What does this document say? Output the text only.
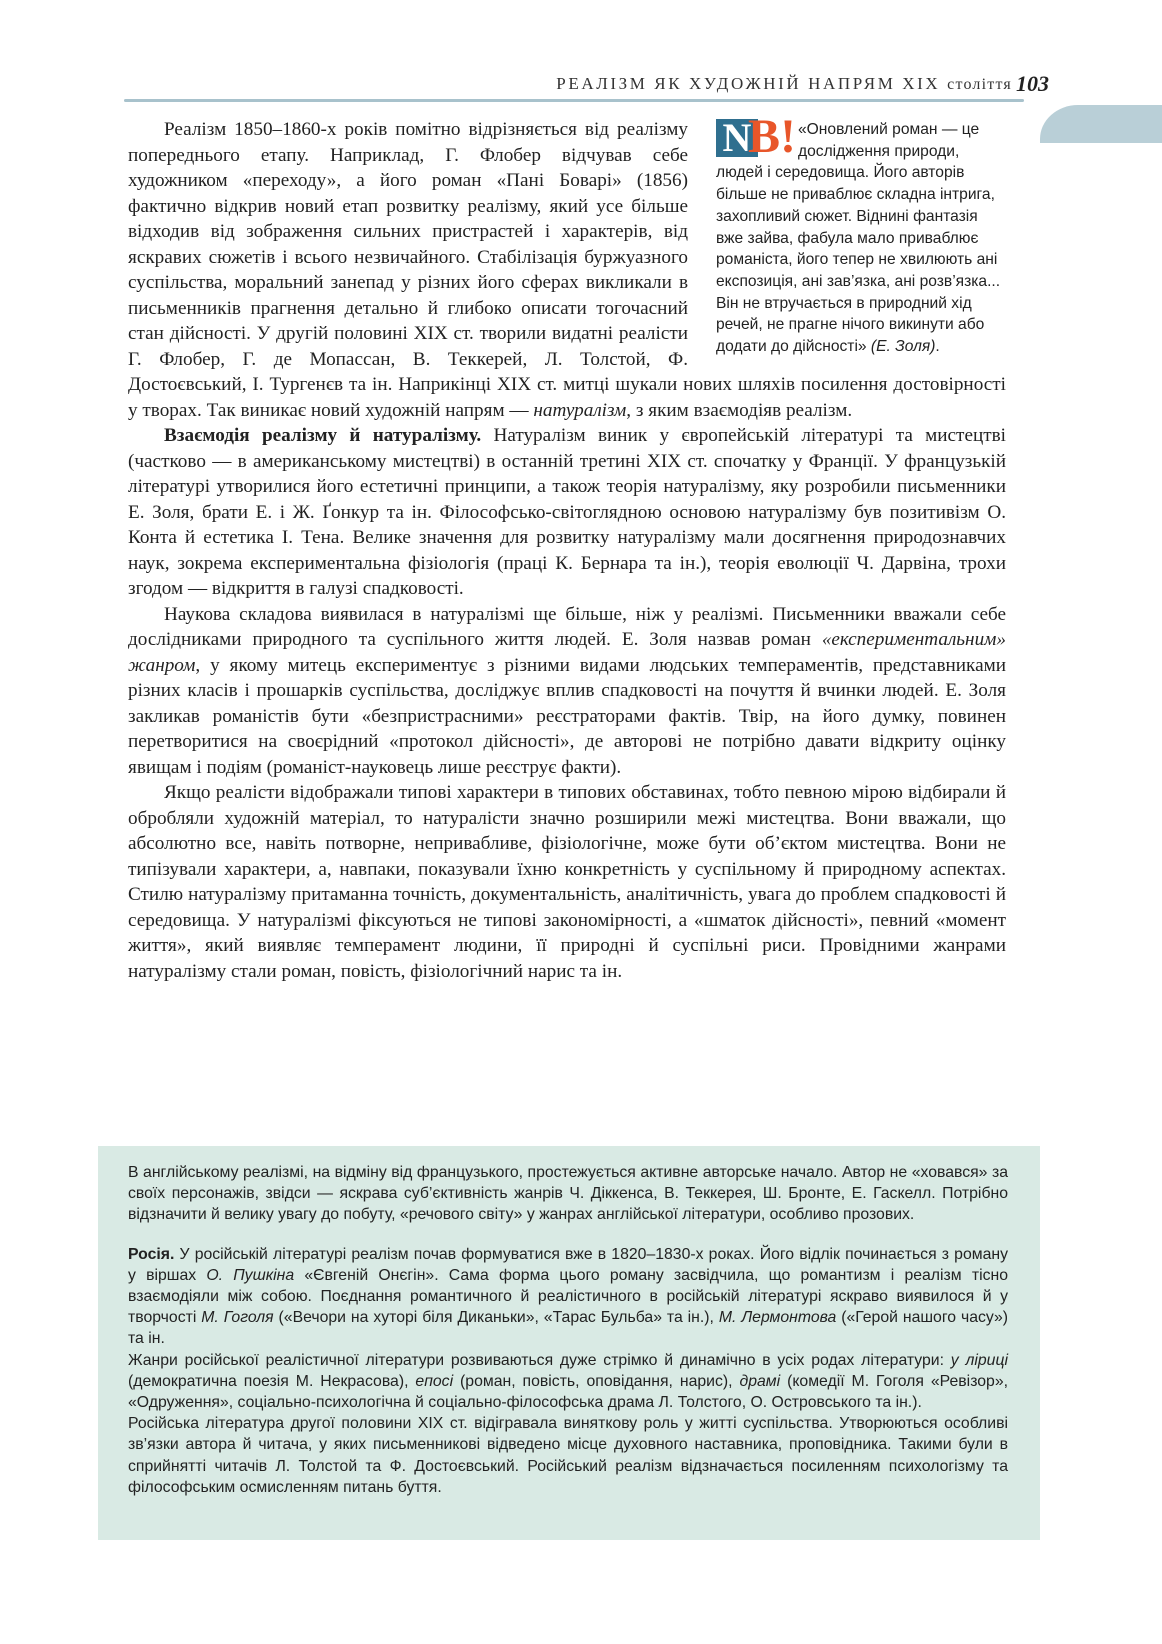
РЕАЛІЗМ ЯК ХУДОЖНІЙ НАПРЯМ XIX століття 103
N
B! «Оновлений роман — це дослідження природи, людей і середовища. Його авторів більше не приваблює складна інтрига, захопливий сюжет. Віднині фантазія вже зайва, фабула мало приваблює романіста, його тепер не хвилюють ані експозиція, ані зав’язка, ані розв’язка... Він не втручається в природний хід речей, не прагне нічого викинути або додати до дійсності» (Е. Золя).

Реалізм 1850–1860-х років помітно відрізняється від реалізму попереднього етапу. Наприклад, Г. Флобер відчував себе художником «переходу», а його роман «Пані Боварі» (1856) фактично відкрив новий етап розвитку реалізму, який усе більше відходив від зображення сильних пристрастей і характерів, від яскравих сюжетів і всього незвичайного. Стабілізація буржуазного суспільства, моральний занепад у різних його сферах викликали в письменників прагнення детально й глибоко описати тогочасний стан дійсності. У другій половині XIX ст. творили видатні реалісти Г. Флобер, Г. де Мопассан, В. Теккерей, Л. Толстой, Ф. Достоєвський, І. Тургенєв та ін. Наприкінці XIX ст. митці шукали нових шляхів посилення достовірності у творах. Так виникає новий художній напрям — натуралізм, з яким взаємодіяв реалізм.

Взаємодія реалізму й натуралізму. Натуралізм виник у європейській літературі та мистецтві (частково — в американському мистецтві) в останній третині XIX ст. спочатку у Франції. У французькій літературі утворилися його естетичні принципи, а також теорія натуралізму, яку розробили письменники Е. Золя, брати Е. і Ж. Ґонкур та ін. Філософсько-світоглядною основою натуралізму був позитивізм О. Конта й естетика І. Тена. Велике значення для розвитку натуралізму мали досягнення природознавчих наук, зокрема експериментальна фізіологія (праці К. Бернара та ін.), теорія еволюції Ч. Дарвіна, трохи згодом — відкриття в галузі спадковості.

Наукова складова виявилася в натуралізмі ще більше, ніж у реалізмі. Письменники вважали себе дослідниками природного та суспільного життя людей. Е. Золя назвав роман «експериментальним» жанром, у якому митець експериментує з різними видами людських темпераментів, представниками різних класів і прошарків суспільства, досліджує вплив спадковості на почуття й вчинки людей. Е. Золя закликав романістів бути «безпристрасними» реєстраторами фактів. Твір, на його думку, повинен перетворитися на своєрідний «протокол дійсності», де авторові не потрібно давати відкриту оцінку явищам і подіям (романіст-науковець лише реєструє факти).

Якщо реалісти відображали типові характери в типових обставинах, тобто певною мірою відбирали й обробляли художній матеріал, то натуралісти значно розширили межі мистецтва. Вони вважали, що абсолютно все, навіть потворне, непривабливе, фізіологічне, може бути об’єктом мистецтва. Вони не типізували характери, а, навпаки, показували їхню конкретність у суспільному й природному аспектах. Стилю натуралізму притаманна точність, документальність, аналітичність, увага до проблем спадковості й середовища. У натуралізмі фіксуються не типові закономірності, а «шматок дійсності», певний «момент життя», який виявляє темперамент людини, її природні й суспільні риси. Провідними жанрами натуралізму стали роман, повість, фізіологічний нарис та ін.

В англійському реалізмі, на відміну від французького, простежується активне авторське начало. Автор не «ховався» за своїх персонажів, звідси — яскрава суб’єктивність жанрів Ч. Діккенса, В. Теккерея, Ш. Бронте, Е. Гаскелл. Потрібно відзначити й велику увагу до побуту, «речового світу» у жанрах англійської літератури, особливо прозових.

Росія. У російській літературі реалізм почав формуватися вже в 1820–1830-х роках. Його відлік починається з роману у віршах О. Пушкіна «Євгеній Онєгін». Сама форма цього роману засвідчила, що романтизм і реалізм тісно взаємодіяли між собою. Поєднання романтичного й реалістичного в російській літературі яскраво виявилося й у творчості М. Гоголя («Вечори на хуторі біля Диканьки», «Тарас Бульба» та ін.), М. Лермонтова («Герой нашого часу») та ін.

Жанри російської реалістичної літератури розвиваються дуже стрімко й динамічно в усіх родах літератури: у ліриці (демократична поезія М. Некрасова), епосі (роман, повість, оповідання, нарис), драмі (комедії М. Гоголя «Ревізор», «Одруження», соціально-психологічна й соціально-філософська драма Л. Толстого, О. Островського та ін.).

Російська література другої половини XIX ст. відігравала виняткову роль у житті суспільства. Утворюються особливі зв’язки автора й читача, у яких письменникові відведено місце духовного наставника, проповідника. Такими були в сприйнятті читачів Л. Толстой та Ф. Достоєвський. Російський реалізм відзначається посиленням психологізму та філософським осмисленням питань буття.
